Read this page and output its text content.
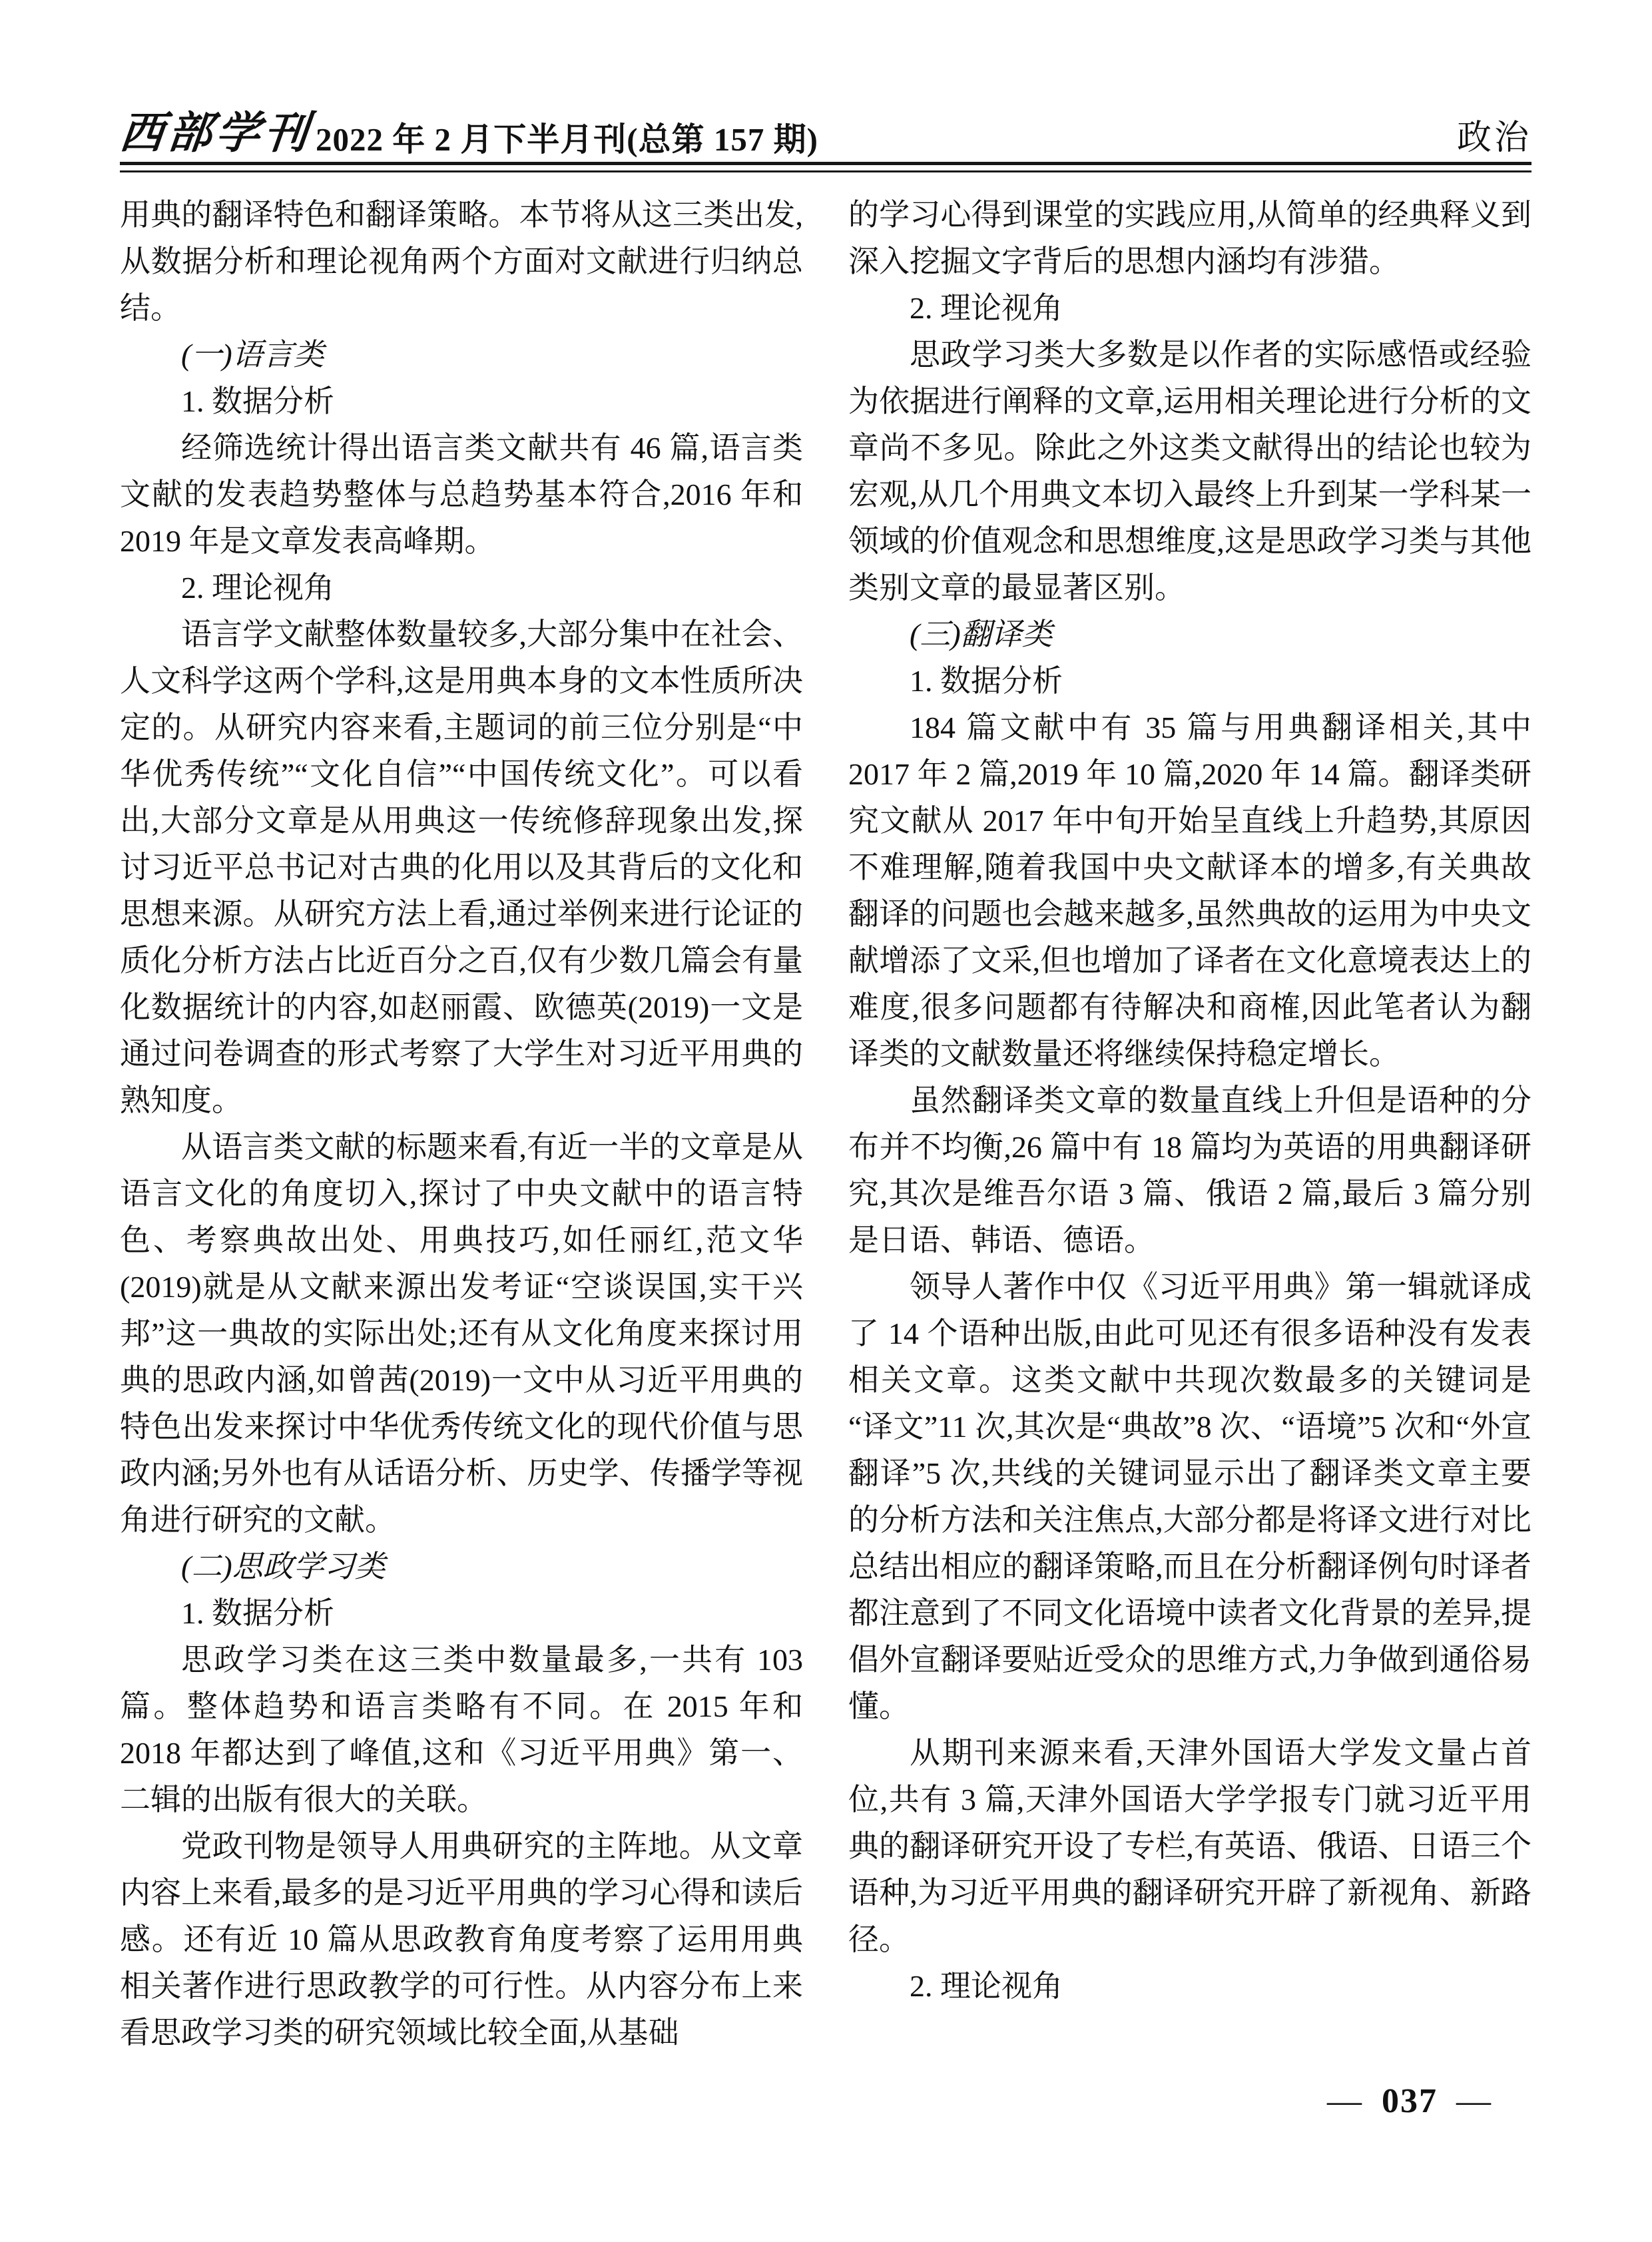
西部学刊 2022 年 2 月下半月刊(总第 157 期)	政治

用典的翻译特色和翻译策略。本节将从这三类出发,从数据分析和理论视角两个方面对文献进行归纳总结。

(一)语言类

1. 数据分析

经筛选统计得出语言类文献共有 46 篇,语言类文献的发表趋势整体与总趋势基本符合,2016 年和 2019 年是文章发表高峰期。

2. 理论视角

语言学文献整体数量较多,大部分集中在社会、人文科学这两个学科,这是用典本身的文本性质所决定的。从研究内容来看,主题词的前三位分别是“中华优秀传统”“文化自信”“中国传统文化”。可以看出,大部分文章是从用典这一传统修辞现象出发,探讨习近平总书记对古典的化用以及其背后的文化和思想来源。从研究方法上看,通过举例来进行论证的质化分析方法占比近百分之百,仅有少数几篇会有量化数据统计的内容,如赵丽霞、欧德英(2019)一文是通过问卷调查的形式考察了大学生对习近平用典的熟知度。

从语言类文献的标题来看,有近一半的文章是从语言文化的角度切入,探讨了中央文献中的语言特色、考察典故出处、用典技巧,如任丽红,范文华(2019)就是从文献来源出发考证“空谈误国,实干兴邦”这一典故的实际出处;还有从文化角度来探讨用典的思政内涵,如曾茜(2019)一文中从习近平用典的特色出发来探讨中华优秀传统文化的现代价值与思政内涵;另外也有从话语分析、历史学、传播学等视角进行研究的文献。

(二)思政学习类

1. 数据分析

思政学习类在这三类中数量最多,一共有 103 篇。整体趋势和语言类略有不同。在 2015 年和 2018 年都达到了峰值,这和《习近平用典》第一、二辑的出版有很大的关联。

党政刊物是领导人用典研究的主阵地。从文章内容上来看,最多的是习近平用典的学习心得和读后感。还有近 10 篇从思政教育角度考察了运用用典相关著作进行思政教学的可行性。从内容分布上来看思政学习类的研究领域比较全面,从基础

的学习心得到课堂的实践应用,从简单的经典释义到深入挖掘文字背后的思想内涵均有涉猎。

2. 理论视角

思政学习类大多数是以作者的实际感悟或经验为依据进行阐释的文章,运用相关理论进行分析的文章尚不多见。除此之外这类文献得出的结论也较为宏观,从几个用典文本切入最终上升到某一学科某一领域的价值观念和思想维度,这是思政学习类与其他类别文章的最显著区别。

(三)翻译类

1. 数据分析

184 篇文献中有 35 篇与用典翻译相关,其中 2017 年 2 篇,2019 年 10 篇,2020 年 14 篇。翻译类研究文献从 2017 年中旬开始呈直线上升趋势,其原因不难理解,随着我国中央文献译本的增多,有关典故翻译的问题也会越来越多,虽然典故的运用为中央文献增添了文采,但也增加了译者在文化意境表达上的难度,很多问题都有待解决和商榷,因此笔者认为翻译类的文献数量还将继续保持稳定增长。

虽然翻译类文章的数量直线上升但是语种的分布并不均衡,26 篇中有 18 篇均为英语的用典翻译研究,其次是维吾尔语 3 篇、俄语 2 篇,最后 3 篇分别是日语、韩语、德语。

领导人著作中仅《习近平用典》第一辑就译成了 14 个语种出版,由此可见还有很多语种没有发表相关文章。这类文献中共现次数最多的关键词是“译文”11 次,其次是“典故”8 次、“语境”5 次和“外宣翻译”5 次,共线的关键词显示出了翻译类文章主要的分析方法和关注焦点,大部分都是将译文进行对比总结出相应的翻译策略,而且在分析翻译例句时译者都注意到了不同文化语境中读者文化背景的差异,提倡外宣翻译要贴近受众的思维方式,力争做到通俗易懂。

从期刊来源来看,天津外国语大学发文量占首位,共有 3 篇,天津外国语大学学报专门就习近平用典的翻译研究开设了专栏,有英语、俄语、日语三个语种,为习近平用典的翻译研究开辟了新视角、新路径。

2. 理论视角

— 037 —
